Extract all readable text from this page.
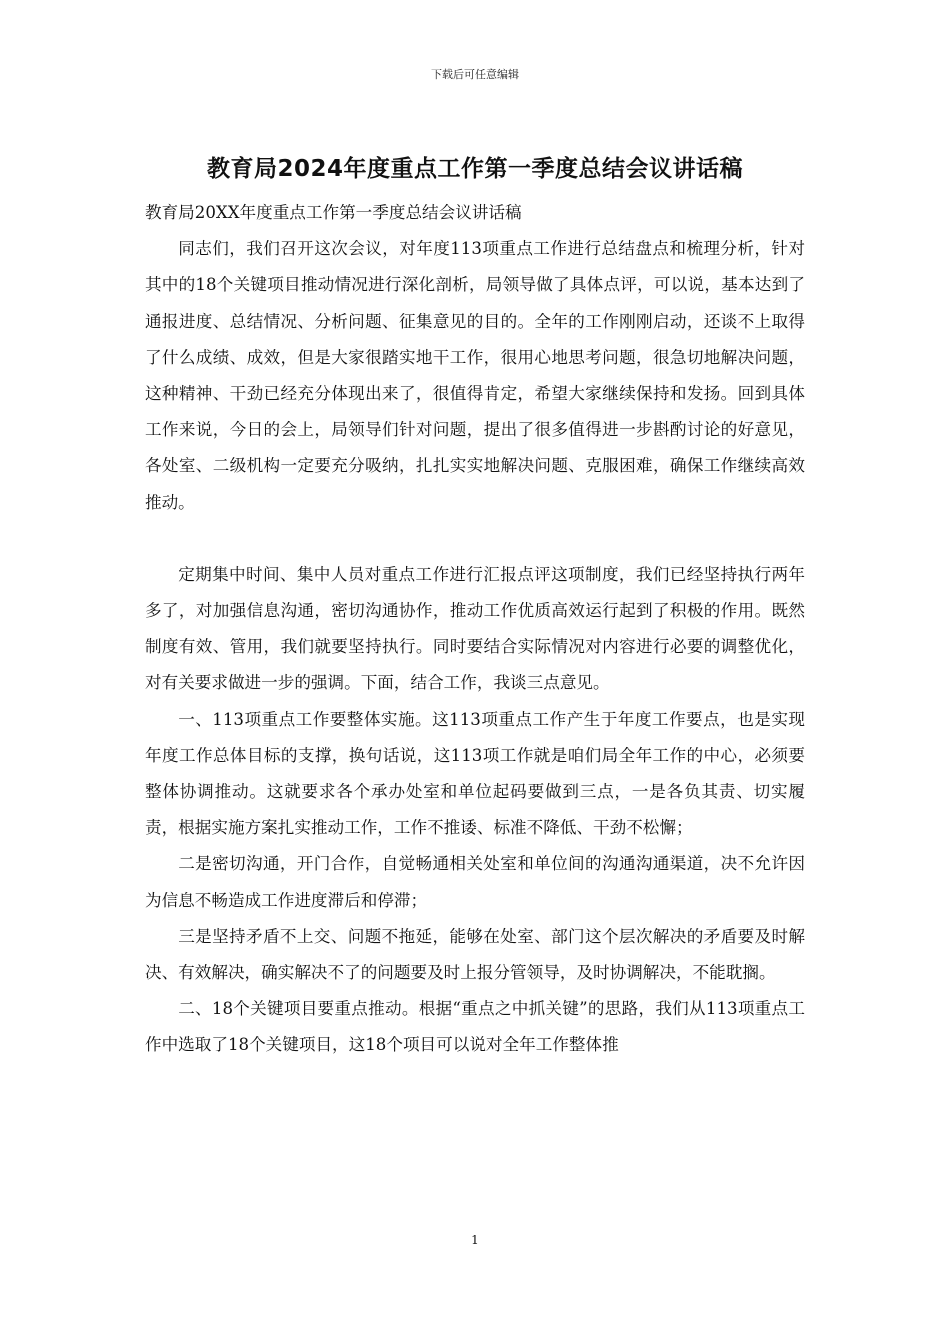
下载后可任意编辑
教育局2024年度重点工作第一季度总结会议讲话稿

教育局20XX年度重点工作第一季度总结会议讲话稿

同志们，我们召开这次会议，对年度113项重点工作进行总结盘点和梳理分析，针对其中的18个关键项目推动情况进行深化剖析，局领导做了具体点评，可以说，基本达到了通报进度、总结情况、分析问题、征集意见的目的。全年的工作刚刚启动，还谈不上取得了什么成绩、成效，但是大家很踏实地干工作，很用心地思考问题，很急切地解决问题，这种精神、干劲已经充分体现出来了，很值得肯定，希望大家继续保持和发扬。回到具体工作来说，今日的会上，局领导们针对问题，提出了很多值得进一步斟酌讨论的好意见，各处室、二级机构一定要充分吸纳，扎扎实实地解决问题、克服困难，确保工作继续高效推动。

定期集中时间、集中人员对重点工作进行汇报点评这项制度，我们已经坚持执行两年多了，对加强信息沟通，密切沟通协作，推动工作优质高效运行起到了积极的作用。既然制度有效、管用，我们就要坚持执行。同时要结合实际情况对内容进行必要的调整优化，对有关要求做进一步的强调。下面，结合工作，我谈三点意见。

一、113项重点工作要整体实施。这113项重点工作产生于年度工作要点，也是实现年度工作总体目标的支撑，换句话说，这113项工作就是咱们局全年工作的中心，必须要整体协调推动。这就要求各个承办处室和单位起码要做到三点，一是各负其责、切实履责，根据实施方案扎实推动工作，工作不推诿、标准不降低、干劲不松懈；

二是密切沟通，开门合作，自觉畅通相关处室和单位间的沟通沟通渠道，决不允许因为信息不畅造成工作进度滞后和停滞；

三是坚持矛盾不上交、问题不拖延，能够在处室、部门这个层次解决的矛盾要及时解决、有效解决，确实解决不了的问题要及时上报分管领导，及时协调解决，不能耽搁。

二、18个关键项目要重点推动。根据“重点之中抓关键”的思路，我们从113项重点工作中选取了18个关键项目，这18个项目可以说对全年工作整体推

1
